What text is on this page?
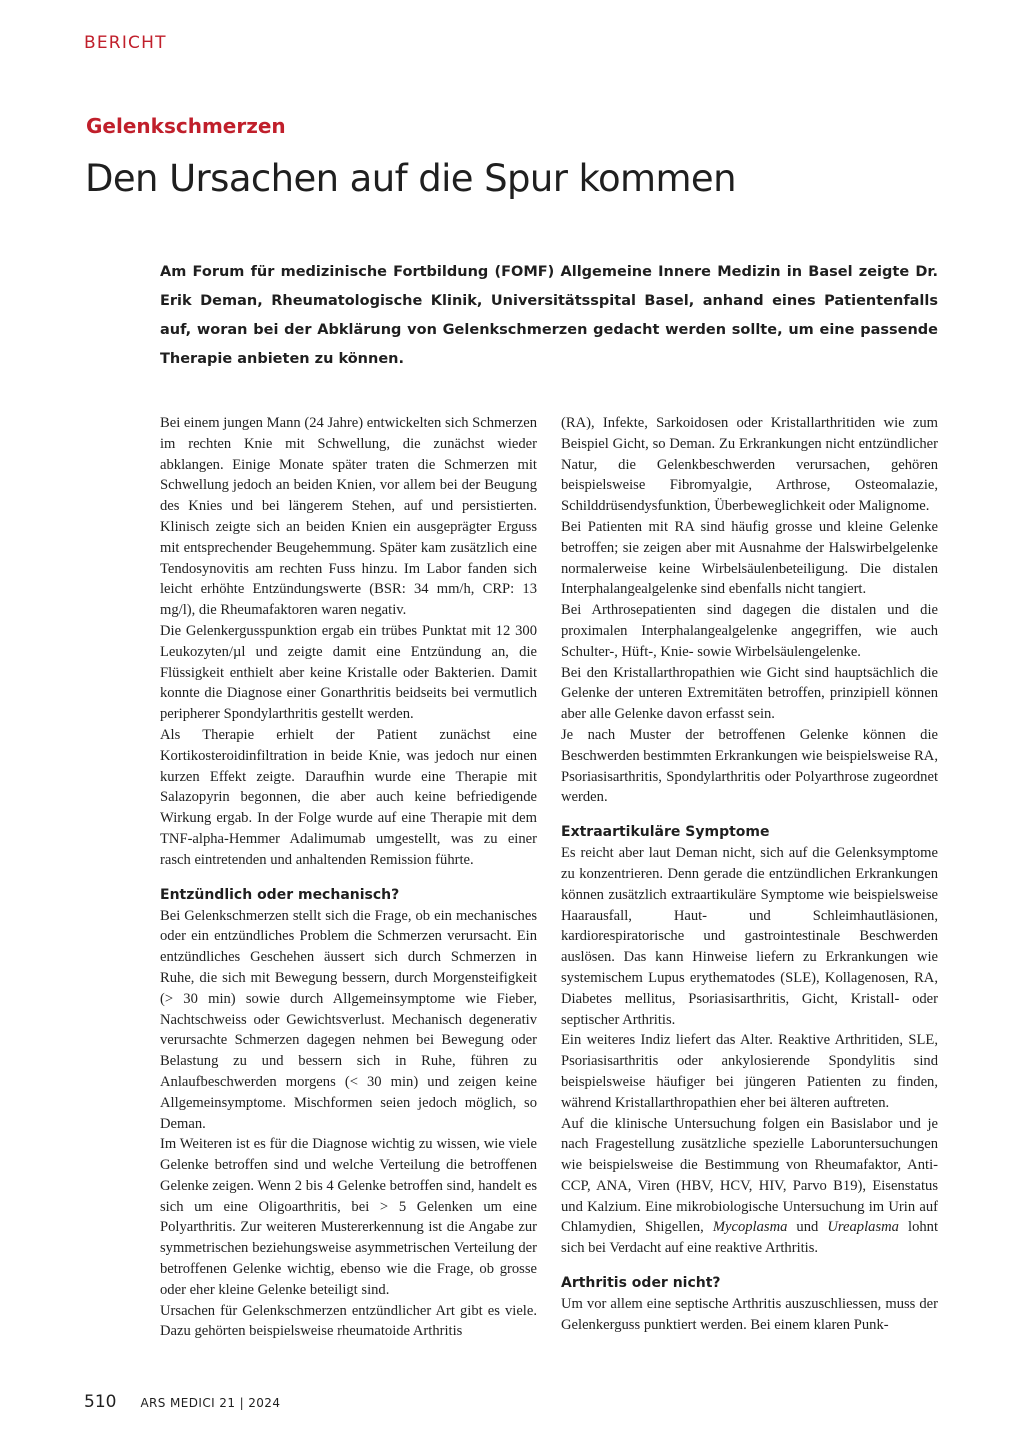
BERICHT
Gelenkschmerzen
Den Ursachen auf die Spur kommen

Am Forum für medizinische Fortbildung (FOMF) Allgemeine Innere Medizin in Basel zeigte Dr. Erik Deman, Rheumatologische Klinik, Universitätsspital Basel, anhand eines Patientenfalls auf, woran bei der Abklärung von Gelenkschmerzen gedacht werden sollte, um eine passende Therapie anbieten zu können.

Bei einem jungen Mann (24 Jahre) entwickelten sich Schmerzen im rechten Knie mit Schwellung, die zunächst wieder abklangen. Einige Monate später traten die Schmerzen mit Schwellung jedoch an beiden Knien, vor allem bei der Beugung des Knies und bei längerem Stehen, auf und persistierten. Klinisch zeigte sich an beiden Knien ein ausgeprägter Erguss mit entsprechender Beugehemmung. Später kam zusätzlich eine Tendosynovitis am rechten Fuss hinzu. Im Labor fanden sich leicht erhöhte Entzündungswerte (BSR: 34 mm/h, CRP: 13 mg/l), die Rheumafaktoren waren negativ.

Die Gelenkergusspunktion ergab ein trübes Punktat mit 12 300 Leukozyten/µl und zeigte damit eine Entzündung an, die Flüssigkeit enthielt aber keine Kristalle oder Bakterien. Damit konnte die Diagnose einer Gonarthritis beidseits bei vermutlich peripherer Spondylarthritis gestellt werden.

Als Therapie erhielt der Patient zunächst eine Kortikosteroidinfiltration in beide Knie, was jedoch nur einen kurzen Effekt zeigte. Daraufhin wurde eine Therapie mit Salazopyrin begonnen, die aber auch keine befriedigende Wirkung ergab. In der Folge wurde auf eine Therapie mit dem TNF-alpha-Hemmer Adalimumab umgestellt, was zu einer rasch eintretenden und anhaltenden Remission führte.

Entzündlich oder mechanisch?

Bei Gelenkschmerzen stellt sich die Frage, ob ein mechanisches oder ein entzündliches Problem die Schmerzen verursacht. Ein entzündliches Geschehen äussert sich durch Schmerzen in Ruhe, die sich mit Bewegung bessern, durch Morgensteifigkeit (> 30 min) sowie durch Allgemeinsymptome wie Fieber, Nachtschweiss oder Gewichtsverlust. Mechanisch degenerativ verursachte Schmerzen dagegen nehmen bei Bewegung oder Belastung zu und bessern sich in Ruhe, führen zu Anlaufbeschwerden morgens (< 30 min) und zeigen keine Allgemeinsymptome. Mischformen seien jedoch möglich, so Deman.

Im Weiteren ist es für die Diagnose wichtig zu wissen, wie viele Gelenke betroffen sind und welche Verteilung die betroffenen Gelenke zeigen. Wenn 2 bis 4 Gelenke betroffen sind, handelt es sich um eine Oligoarthritis, bei > 5 Gelenken um eine Polyarthritis. Zur weiteren Mustererkennung ist die Angabe zur symmetrischen beziehungsweise asymmetrischen Verteilung der betroffenen Gelenke wichtig, ebenso wie die Frage, ob grosse oder eher kleine Gelenke beteiligt sind.

Ursachen für Gelenkschmerzen entzündlicher Art gibt es viele. Dazu gehörten beispielsweise rheumatoide Arthritis

(RA), Infekte, Sarkoidosen oder Kristallarthritiden wie zum Beispiel Gicht, so Deman. Zu Erkrankungen nicht entzündlicher Natur, die Gelenkbeschwerden verursachen, gehören beispielsweise Fibromyalgie, Arthrose, Osteomalazie, Schilddrüsendysfunktion, Überbeweglichkeit oder Malignome.

Bei Patienten mit RA sind häufig grosse und kleine Gelenke betroffen; sie zeigen aber mit Ausnahme der Halswirbelgelenke normalerweise keine Wirbelsäulenbeteiligung. Die distalen Interphalangealgelenke sind ebenfalls nicht tangiert.

Bei Arthrosepatienten sind dagegen die distalen und die proximalen Interphalangealgelenke angegriffen, wie auch Schulter-, Hüft-, Knie- sowie Wirbelsäulengelenke.

Bei den Kristallarthropathien wie Gicht sind hauptsächlich die Gelenke der unteren Extremitäten betroffen, prinzipiell können aber alle Gelenke davon erfasst sein.

Je nach Muster der betroffenen Gelenke können die Beschwerden bestimmten Erkrankungen wie beispielsweise RA, Psoriasisarthritis, Spondylarthritis oder Polyarthrose zugeordnet werden.

Extraartikuläre Symptome

Es reicht aber laut Deman nicht, sich auf die Gelenksymptome zu konzentrieren. Denn gerade die entzündlichen Erkrankungen können zusätzlich extraartikuläre Symptome wie beispielsweise Haarausfall, Haut- und Schleimhautläsionen, kardiorespiratorische und gastrointestinale Beschwerden auslösen. Das kann Hinweise liefern zu Erkrankungen wie systemischem Lupus erythematodes (SLE), Kollagenosen, RA, Diabetes mellitus, Psoriasisarthritis, Gicht, Kristall- oder septischer Arthritis.

Ein weiteres Indiz liefert das Alter. Reaktive Arthritiden, SLE, Psoriasisarthritis oder ankylosierende Spondylitis sind beispielsweise häufiger bei jüngeren Patienten zu finden, während Kristallarthropathien eher bei älteren auftreten.

Auf die klinische Untersuchung folgen ein Basislabor und je nach Fragestellung zusätzliche spezielle Laboruntersuchungen wie beispielsweise die Bestimmung von Rheumafaktor, Anti-CCP, ANA, Viren (HBV, HCV, HIV, Parvo B19), Eisenstatus und Kalzium. Eine mikrobiologische Untersuchung im Urin auf Chlamydien, Shigellen, Mycoplasma und Ureaplasma lohnt sich bei Verdacht auf eine reaktive Arthritis.

Arthritis oder nicht?

Um vor allem eine septische Arthritis auszuschliessen, muss der Gelenkerguss punktiert werden. Bei einem klaren Punk-

510 ARS MEDICI 21 | 2024
